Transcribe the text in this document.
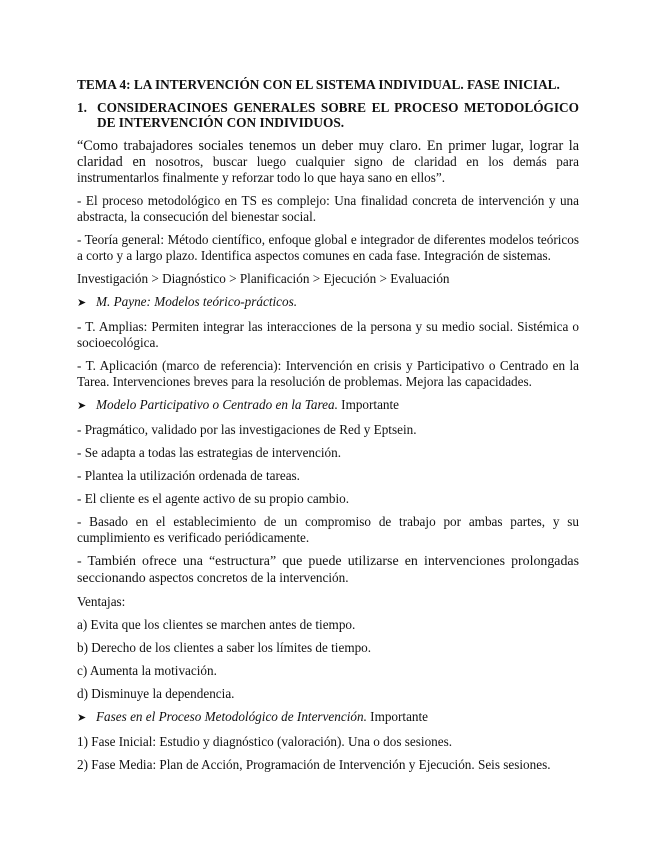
TEMA 4: LA INTERVENCIÓN CON EL SISTEMA INDIVIDUAL. FASE INICIAL.
1. CONSIDERACINOES GENERALES SOBRE EL PROCESO METODOLÓGICO DE INTERVENCIÓN CON INDIVIDUOS.

“Como trabajadores sociales tenemos un deber muy claro. En primer lugar, lograr la claridad en nosotros, buscar luego cualquier signo de claridad en los demás para instrumentarlos finalmente y reforzar todo lo que haya sano en ellos”.

- El proceso metodológico en TS es complejo: Una finalidad concreta de intervención y una abstracta, la consecución del bienestar social.

- Teoría general: Método científico, enfoque global e integrador de diferentes modelos teóricos a corto y a largo plazo. Identifica aspectos comunes en cada fase. Integración de sistemas.

Investigación > Diagnóstico > Planificación > Ejecución > Evaluación

➤ M. Payne: Modelos teórico-prácticos.

- T. Amplias: Permiten integrar las interacciones de la persona y su medio social. Sistémica o socioecológica.

- T. Aplicación (marco de referencia): Intervención en crisis y Participativo o Centrado en la Tarea. Intervenciones breves para la resolución de problemas. Mejora las capacidades.

➤ Modelo Participativo o Centrado en la Tarea. Importante

- Pragmático, validado por las investigaciones de Red y Eptsein.

- Se adapta a todas las estrategias de intervención.

- Plantea la utilización ordenada de tareas.

- El cliente es el agente activo de su propio cambio.

- Basado en el establecimiento de un compromiso de trabajo por ambas partes, y su cumplimiento es verificado periódicamente.

- También ofrece una “estructura” que puede utilizarse en intervenciones prolongadas seccionando aspectos concretos de la intervención.

Ventajas:

a) Evita que los clientes se marchen antes de tiempo.

b) Derecho de los clientes a saber los límites de tiempo.

c) Aumenta la motivación.

d) Disminuye la dependencia.

➤ Fases en el Proceso Metodológico de Intervención. Importante

1) Fase Inicial: Estudio y diagnóstico (valoración). Una o dos sesiones.

2) Fase Media: Plan de Acción, Programación de Intervención y Ejecución. Seis sesiones.
